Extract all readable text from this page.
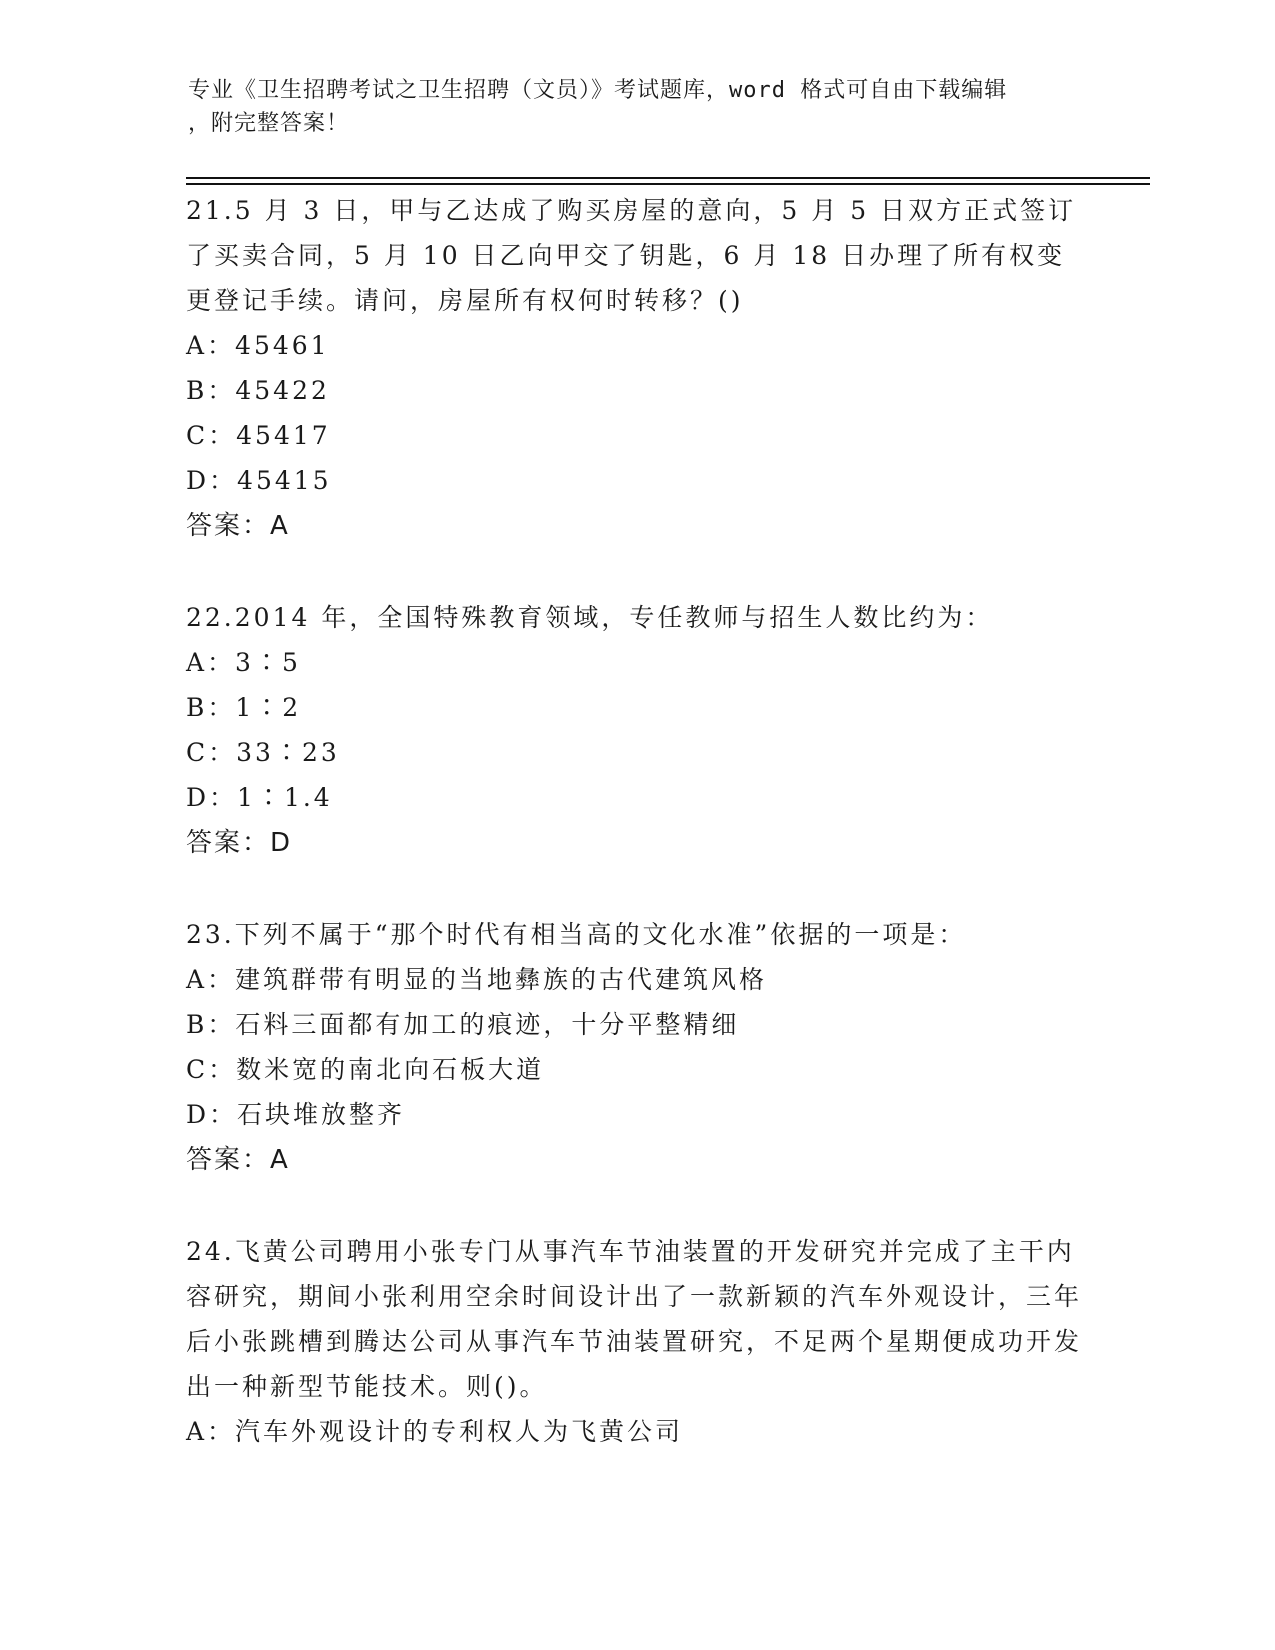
专业《卫生招聘考试之卫生招聘（文员）》考试题库，word 格式可自由下载编辑
，附完整答案！

21.5 月 3 日，甲与乙达成了购买房屋的意向，5 月 5 日双方正式签订了买卖合同，5 月 10 日乙向甲交了钥匙，6 月 18 日办理了所有权变更登记手续。请问，房屋所有权何时转移？()

A：45461

B：45422

C：45417

D：45415

答案：A

22.2014 年，全国特殊教育领域，专任教师与招生人数比约为：

A：3∶5

B：1∶2

C：33∶23

D：1∶1.4

答案：D

23.下列不属于“那个时代有相当高的文化水准”依据的一项是：

A：建筑群带有明显的当地彝族的古代建筑风格

B：石料三面都有加工的痕迹，十分平整精细

C：数米宽的南北向石板大道

D：石块堆放整齐

答案：A

24.飞黄公司聘用小张专门从事汽车节油装置的开发研究并完成了主干内容研究，期间小张利用空余时间设计出了一款新颖的汽车外观设计，三年后小张跳槽到腾达公司从事汽车节油装置研究，不足两个星期便成功开发出一种新型节能技术。则()。

A：汽车外观设计的专利权人为飞黄公司
